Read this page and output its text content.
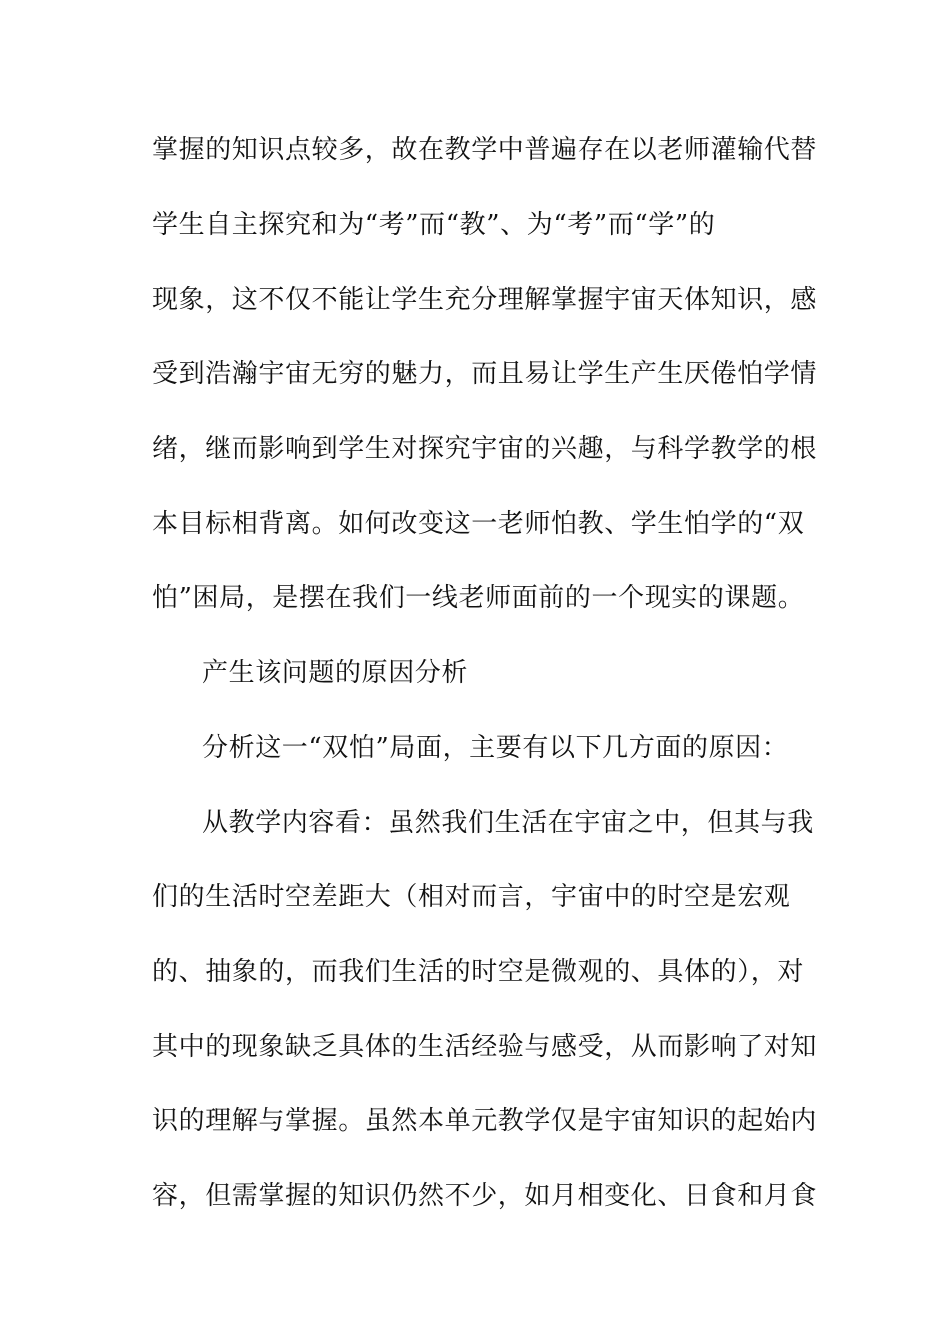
掌握的知识点较多，故在教学中普遍存在以老师灌输代替
学生自主探究和为“考”而“教”、为“考”而“学”的
现象，这不仅不能让学生充分理解掌握宇宙天体知识，感
受到浩瀚宇宙无穷的魅力，而且易让学生产生厌倦怕学情
绪，继而影响到学生对探究宇宙的兴趣，与科学教学的根
本目标相背离。如何改变这一老师怕教、学生怕学的“双
怕”困局，是摆在我们一线老师面前的一个现实的课题。
产生该问题的原因分析
分析这一“双怕”局面，主要有以下几方面的原因：
从教学内容看：虽然我们生活在宇宙之中，但其与我
们的生活时空差距大（相对而言，宇宙中的时空是宏观
的、抽象的，而我们生活的时空是微观的、具体的），对
其中的现象缺乏具体的生活经验与感受，从而影响了对知
识的理解与掌握。虽然本单元教学仅是宇宙知识的起始内
容，但需掌握的知识仍然不少，如月相变化、日食和月食
